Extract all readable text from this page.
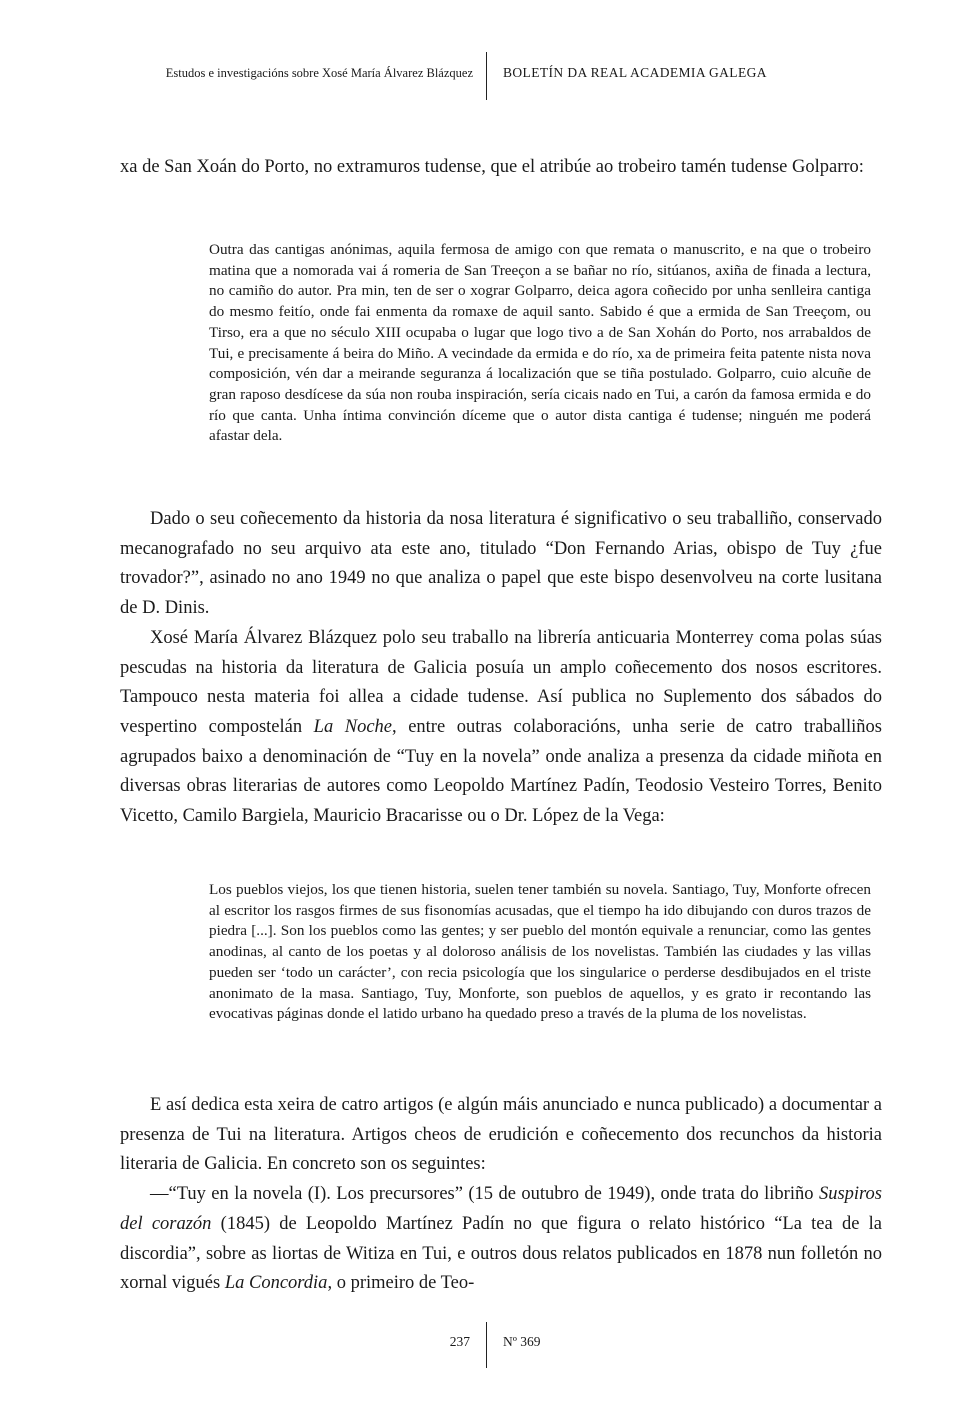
Estudos e investigacións sobre Xosé María Álvarez Blázquez BOLETÍN DA REAL ACADEMIA GALEGA

xa de San Xoán do Porto, no extramuros tudense, que el atribúe ao trobeiro tamén tudense Golparro:

Outra das cantigas anónimas, aquila fermosa de amigo con que remata o manuscrito, e na que o trobeiro matina que a nomorada vai á romeria de San Treeçon a se bañar no río, sitúanos, axiña de finada a lectura, no camiño do autor. Pra min, ten de ser o xograr Golparro, deica agora coñecido por unha senlleira cantiga do mesmo feitío, onde fai enmenta da romaxe de aquil santo. Sabido é que a ermida de San Treeçom, ou Tirso, era a que no século XIII ocupaba o lugar que logo tivo a de San Xohán do Porto, nos arrabaldos de Tui, e precisamente á beira do Miño. A vecindade da ermida e do río, xa de primeira feita patente nista nova composición, vén dar a meirande seguranza á localización que se tiña postulado. Golparro, cuio alcuñe de gran raposo desdícese da súa non rouba inspiración, sería cicais nado en Tui, a carón da famosa ermida e do río que canta. Unha íntima convinción díceme que o autor dista cantiga é tudense; ninguén me poderá afastar dela.

Dado o seu coñecemento da historia da nosa literatura é significativo o seu traballiño, conservado mecanografado no seu arquivo ata este ano, titulado “Don Fernando Arias, obispo de Tuy ¿fue trovador?”, asinado no ano 1949 no que analiza o papel que este bispo desenvolveu na corte lusitana de D. Dinis.

Xosé María Álvarez Blázquez polo seu traballo na librería anticuaria Monterrey coma polas súas pescudas na historia da literatura de Galicia posuía un amplo coñecemento dos nosos escritores. Tampouco nesta materia foi allea a cidade tudense. Así publica no Suplemento dos sábados do vespertino compostelán La Noche, entre outras colaboracións, unha serie de catro traballiños agrupados baixo a denominación de “Tuy en la novela” onde analiza a presenza da cidade miñota en diversas obras literarias de autores como Leopoldo Martínez Padín, Teodosio Vesteiro Torres, Benito Vicetto, Camilo Bargiela, Mauricio Bracarisse ou o Dr. López de la Vega:

Los pueblos viejos, los que tienen historia, suelen tener también su novela. Santiago, Tuy, Monforte ofrecen al escritor los rasgos firmes de sus fisonomías acusadas, que el tiempo ha ido dibujando con duros trazos de piedra [...]. Son los pueblos como las gentes; y ser pueblo del montón equivale a renunciar, como las gentes anodinas, al canto de los poetas y al doloroso análisis de los novelistas. También las ciudades y las villas pueden ser ‘todo un carácter’, con recia psicología que los singularice o perderse desdibujados en el triste anonimato de la masa. Santiago, Tuy, Monforte, son pueblos de aquellos, y es grato ir recontando las evocativas páginas donde el latido urbano ha quedado preso a través de la pluma de los novelistas.

E así dedica esta xeira de catro artigos (e algún máis anunciado e nunca publicado) a documentar a presenza de Tui na literatura. Artigos cheos de erudición e coñecemento dos recunchos da historia literaria de Galicia. En concreto son os seguintes:

—“Tuy en la novela (I). Los precursores” (15 de outubro de 1949), onde trata do libriño Suspiros del corazón (1845) de Leopoldo Martínez Padín no que figura o relato histórico “La tea de la discordia”, sobre as liortas de Witiza en Tui, e outros dous relatos publicados en 1878 nun folletón no xornal vigués La Concordia, o primeiro de Teo-

237 Nº 369
